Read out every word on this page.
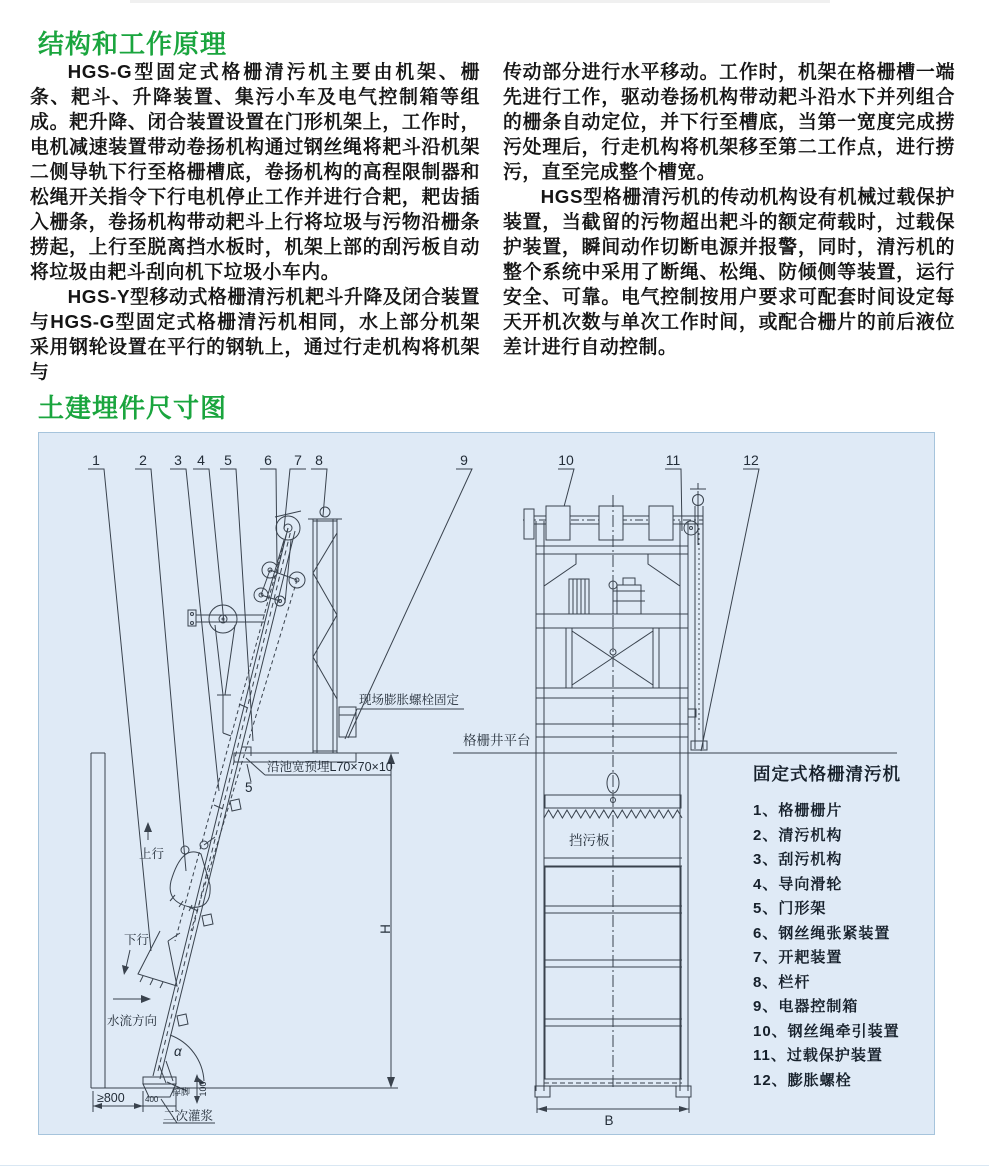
结构和工作原理

HGS-G型固定式格栅清污机主要由机架、栅条、耙斗、升降装置、集污小车及电气控制箱等组成。耙升降、闭合装置设置在门形机架上，工作时，电机减速装置带动卷扬机构通过钢丝绳将耙斗沿机架二侧导轨下行至格栅槽底，卷扬机构的高程限制器和松绳开关指令下行电机停止工作并进行合耙，耙齿插入栅条，卷扬机构带动耙斗上行将垃圾与污物沿栅条捞起，上行至脱离挡水板时，机架上部的刮污板自动将垃圾由耙斗刮向机下垃圾小车内。

HGS-Y型移动式格栅清污机耙斗升降及闭合装置与HGS-G型固定式格栅清污机相同，水上部分机架采用钢轮设置在平行的钢轨上，通过行走机构将机架与

传动部分进行水平移动。工作时，机架在格栅槽一端先进行工作，驱动卷扬机构带动耙斗沿水下并列组合的栅条自动定位，并下行至槽底，当第一宽度完成捞污处理后，行走机构将机架移至第二工作点，进行捞污，直至完成整个槽宽。

HGS型格栅清污机的传动机构设有机械过载保护装置，当截留的污物超出耙斗的额定荷载时，过载保护装置，瞬间动作切断电源并报警，同时，清污机的整个系统中采用了断绳、松绳、防倾侧等装置，运行安全、可靠。电气控制按用户要求可配套时间设定每天开机次数与单次工作时间，或配合栅片的前后液位差计进行自动控制。

土建埋件尺寸图
1	2 3 4 5 6 7 8	9	10	11	12
上行
下行
水流方向
α
100
≥800	400
撑脚
二次灌浆
H
沿池宽预埋L70×70×10
5
现场膨胀螺栓固定
格栅井平台
挡污板
B
固定式格栅清污机
1、格栅栅片
2、清污机构
3、刮污机构
4、导向滑轮
5、门形架
6、钢丝绳张紧装置
7、开耙装置
8、栏杆
9、电器控制箱
10、钢丝绳牵引装置
11、过载保护装置
12、膨胀螺栓
